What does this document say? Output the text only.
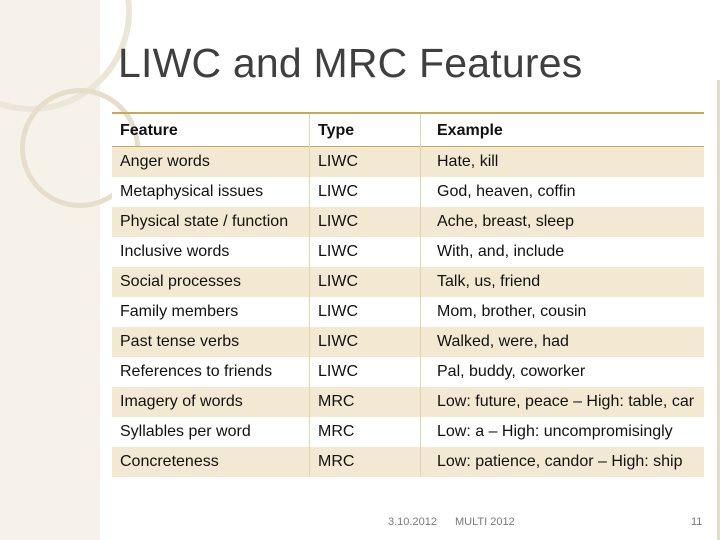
LIWC and MRC Features
Feature	Type	Example
Anger words	LIWC	Hate, kill
Metaphysical issues	LIWC	God, heaven, coffin
Physical state / function	LIWC	Ache, breast, sleep
Inclusive words	LIWC	With, and, include
Social processes	LIWC	Talk, us, friend
Family members	LIWC	Mom, brother, cousin
Past tense verbs	LIWC	Walked, were, had
References to friends	LIWC	Pal, buddy, coworker
Imagery of words	MRC	Low: future, peace – High: table, car
Syllables per word	MRC	Low: a – High: uncompromisingly
Concreteness	MRC	Low: patience, candor – High: ship
3.10.2012 MULTI 2012	11
